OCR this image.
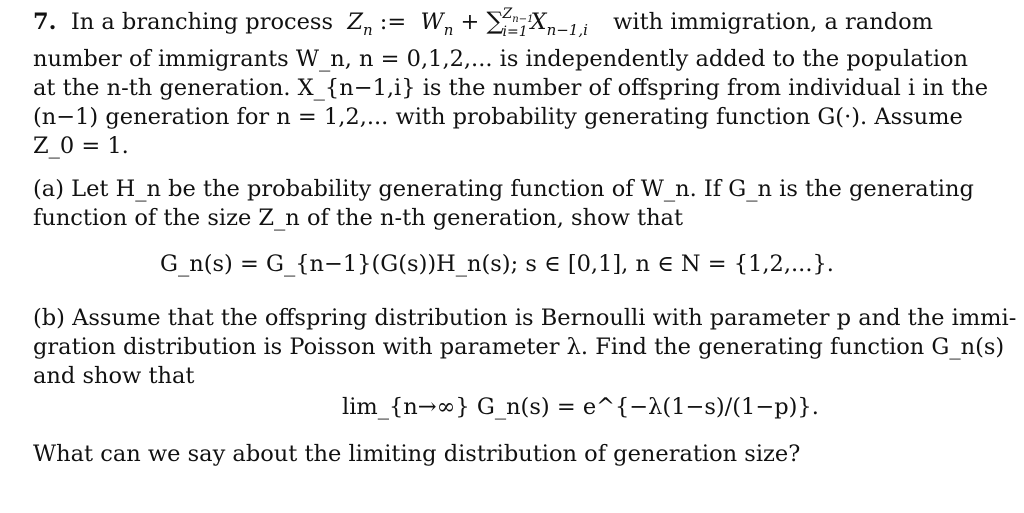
7. In a branching process $Z_n$ :=  $W_n$ + ∑
$Z_{n-1}$
i=1 $X_{n-1,i}$ with immigration, a random
number of immigrants W_n, n = 0,1,2,... is independently added to the population
at the n-th generation. X_{n−1,i} is the number of offspring from individual i in the
(n−1) generation for n = 1,2,... with probability generating function G(·). Assume
Z_0 = 1.
(a) Let H_n be the probability generating function of W_n. If G_n is the generating
function of the size Z_n of the n-th generation, show that
G_n(s) = G_{n−1}(G(s))H_n(s); s ∈ [0,1], n ∈ N = {1,2,...}.
(b) Assume that the offspring distribution is Bernoulli with parameter p and the immi-
gration distribution is Poisson with parameter λ. Find the generating function G_n(s)
and show that
lim_{n→∞} G_n(s) = e^{−λ(1−s)/(1−p)}.
What can we say about the limiting distribution of generation size?
